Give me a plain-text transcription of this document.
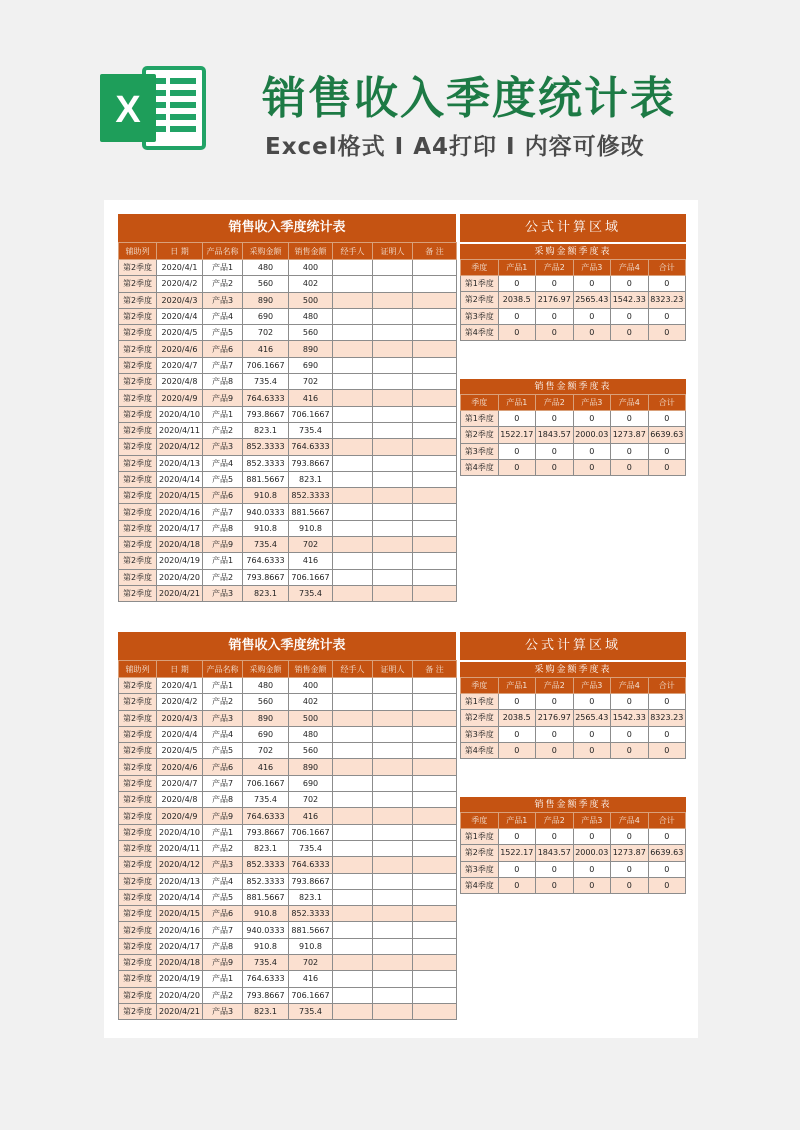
X	销售收入季度统计表
Excel格式 I A4打印 I 内容可修改
销售收入季度统计表
辅助列	日 期	产品名称	采购金额	销售金额	经手人	证明人	备 注
第2季度	2020/4/1	产品1	480	400			
第2季度	2020/4/2	产品2	560	402			
第2季度	2020/4/3	产品3	890	500			
第2季度	2020/4/4	产品4	690	480			
第2季度	2020/4/5	产品5	702	560			
第2季度	2020/4/6	产品6	416	890			
第2季度	2020/4/7	产品7	706.1667	690			
第2季度	2020/4/8	产品8	735.4	702			
第2季度	2020/4/9	产品9	764.6333	416			
第2季度	2020/4/10	产品1	793.8667	706.1667			
第2季度	2020/4/11	产品2	823.1	735.4			
第2季度	2020/4/12	产品3	852.3333	764.6333			
第2季度	2020/4/13	产品4	852.3333	793.8667			
第2季度	2020/4/14	产品5	881.5667	823.1			
第2季度	2020/4/15	产品6	910.8	852.3333			
第2季度	2020/4/16	产品7	940.0333	881.5667			
第2季度	2020/4/17	产品8	910.8	910.8			
第2季度	2020/4/18	产品9	735.4	702			
第2季度	2020/4/19	产品1	764.6333	416			
第2季度	2020/4/20	产品2	793.8667	706.1667			
第2季度	2020/4/21	产品3	823.1	735.4			
公式计算区域
采购金额季度表
季度	产品1	产品2	产品3	产品4	合计
第1季度	0	0	0	0	0
第2季度	2038.5	2176.97	2565.43	1542.33	8323.23
第3季度	0	0	0	0	0
第4季度	0	0	0	0	0
销售金额季度表
季度	产品1	产品2	产品3	产品4	合计
第1季度	0	0	0	0	0
第2季度	1522.17	1843.57	2000.03	1273.87	6639.63
第3季度	0	0	0	0	0
第4季度	0	0	0	0	0
销售收入季度统计表
辅助列	日 期	产品名称	采购金额	销售金额	经手人	证明人	备 注
第2季度	2020/4/1	产品1	480	400			
第2季度	2020/4/2	产品2	560	402			
第2季度	2020/4/3	产品3	890	500			
第2季度	2020/4/4	产品4	690	480			
第2季度	2020/4/5	产品5	702	560			
第2季度	2020/4/6	产品6	416	890			
第2季度	2020/4/7	产品7	706.1667	690			
第2季度	2020/4/8	产品8	735.4	702			
第2季度	2020/4/9	产品9	764.6333	416			
第2季度	2020/4/10	产品1	793.8667	706.1667			
第2季度	2020/4/11	产品2	823.1	735.4			
第2季度	2020/4/12	产品3	852.3333	764.6333			
第2季度	2020/4/13	产品4	852.3333	793.8667			
第2季度	2020/4/14	产品5	881.5667	823.1			
第2季度	2020/4/15	产品6	910.8	852.3333			
第2季度	2020/4/16	产品7	940.0333	881.5667			
第2季度	2020/4/17	产品8	910.8	910.8			
第2季度	2020/4/18	产品9	735.4	702			
第2季度	2020/4/19	产品1	764.6333	416			
第2季度	2020/4/20	产品2	793.8667	706.1667			
第2季度	2020/4/21	产品3	823.1	735.4			
公式计算区域
采购金额季度表
季度	产品1	产品2	产品3	产品4	合计
第1季度	0	0	0	0	0
第2季度	2038.5	2176.97	2565.43	1542.33	8323.23
第3季度	0	0	0	0	0
第4季度	0	0	0	0	0
销售金额季度表
季度	产品1	产品2	产品3	产品4	合计
第1季度	0	0	0	0	0
第2季度	1522.17	1843.57	2000.03	1273.87	6639.63
第3季度	0	0	0	0	0
第4季度	0	0	0	0	0
